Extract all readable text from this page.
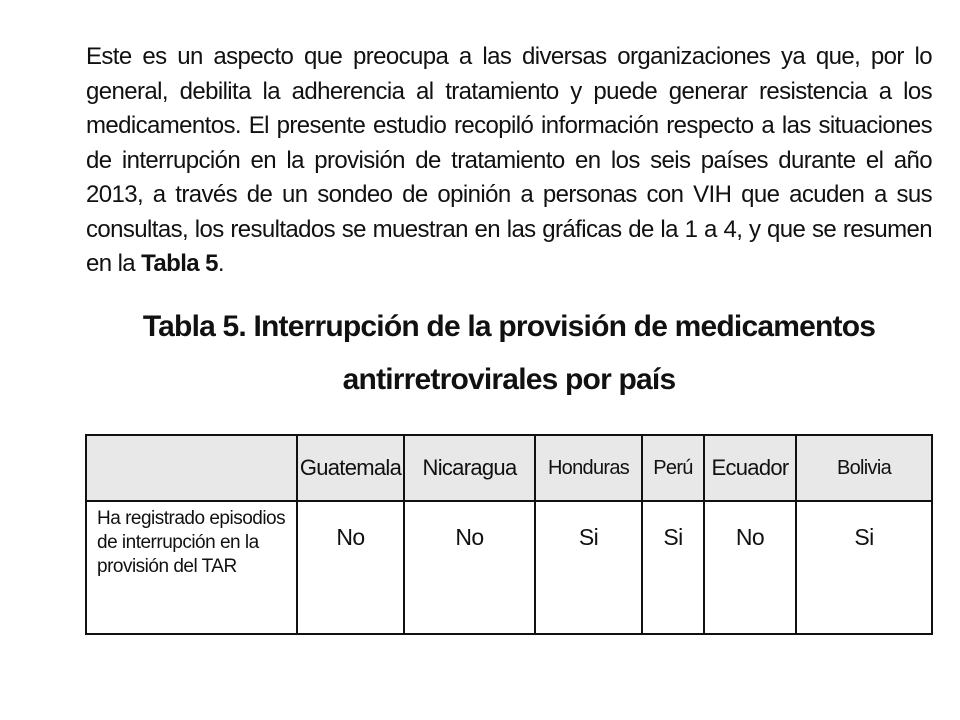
Este es un aspecto que preocupa a las diversas organizaciones ya que, por lo general, debilita la adherencia al tratamiento y puede generar resistencia a los medicamentos. El presente estudio recopiló información respecto a las situaciones de interrupción en la provisión de tratamiento en los seis países durante el año 2013, a través de un sondeo de opinión a personas con VIH que acuden a sus consultas, los resultados se muestran en las gráficas de la 1 a 4, y que se resumen en la Tabla 5.

Tabla 5. Interrupción de la provisión de medicamentos
antirretrovirales por país
	Guatemala	Nicaragua	Honduras	Perú	Ecuador	Bolivia
Ha registrado episodios de interrupción en la provisión del TAR	No	No	Si	Si	No	Si
